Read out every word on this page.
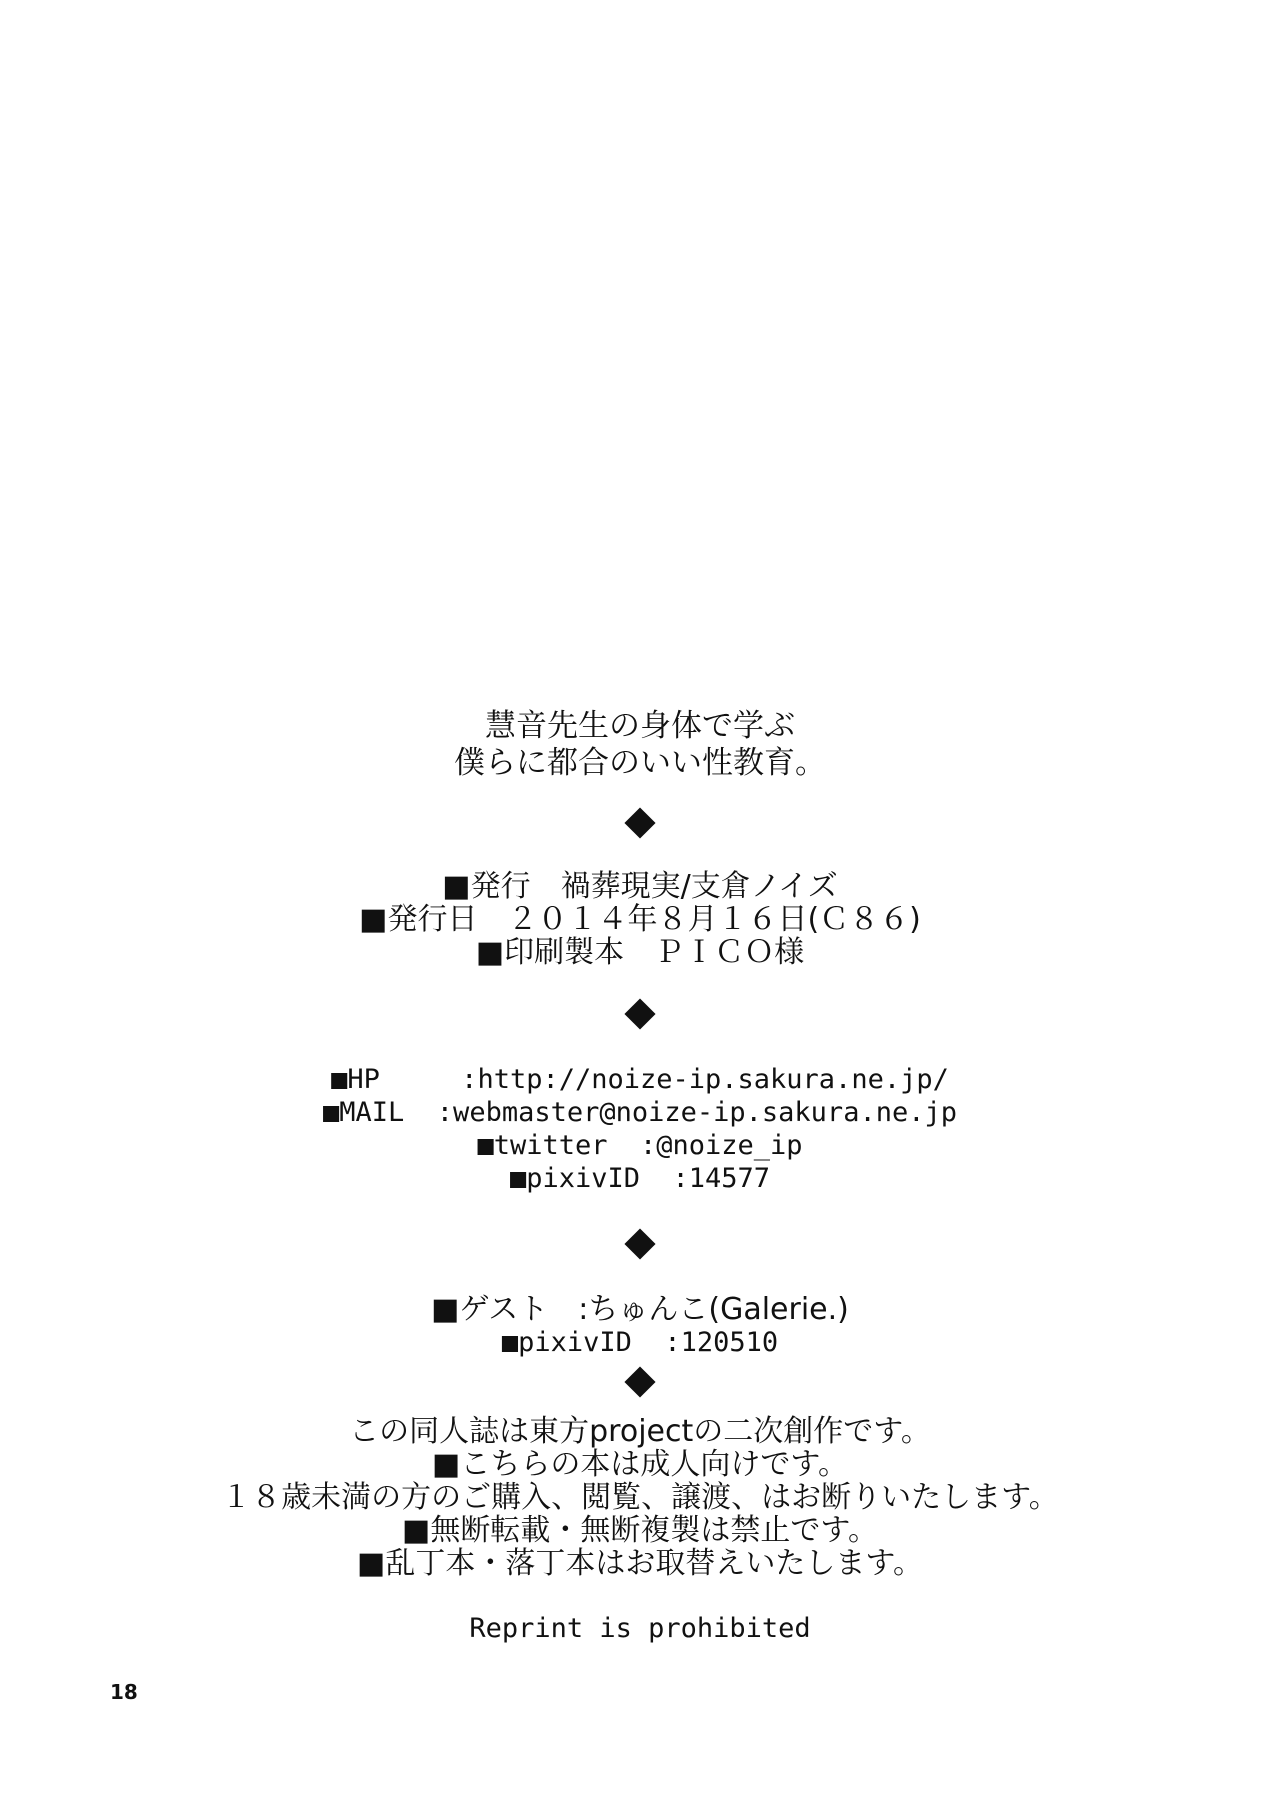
慧音先生の身体で学ぶ
僕らに都合のいい性教育。
■発行　禍葬現実/支倉ノイズ
■発行日　２０１４年８月１６日(Ｃ８６)
■印刷製本　ＰＩＣＯ様
■HP     :http://noize-ip.sakura.ne.jp/
■MAIL  :webmaster@noize-ip.sakura.ne.jp
■twitter  :@noize_ip
■pixivID  :14577
■ゲスト　:ちゅんこ(Galerie.)
■pixivID  :120510
この同人誌は東方projectの二次創作です。
■こちらの本は成人向けです。
１８歳未満の方のご購入、閲覧、譲渡、はお断りいたします。
■無断転載・無断複製は禁止です。
■乱丁本・落丁本はお取替えいたします。
Reprint is prohibited
18
